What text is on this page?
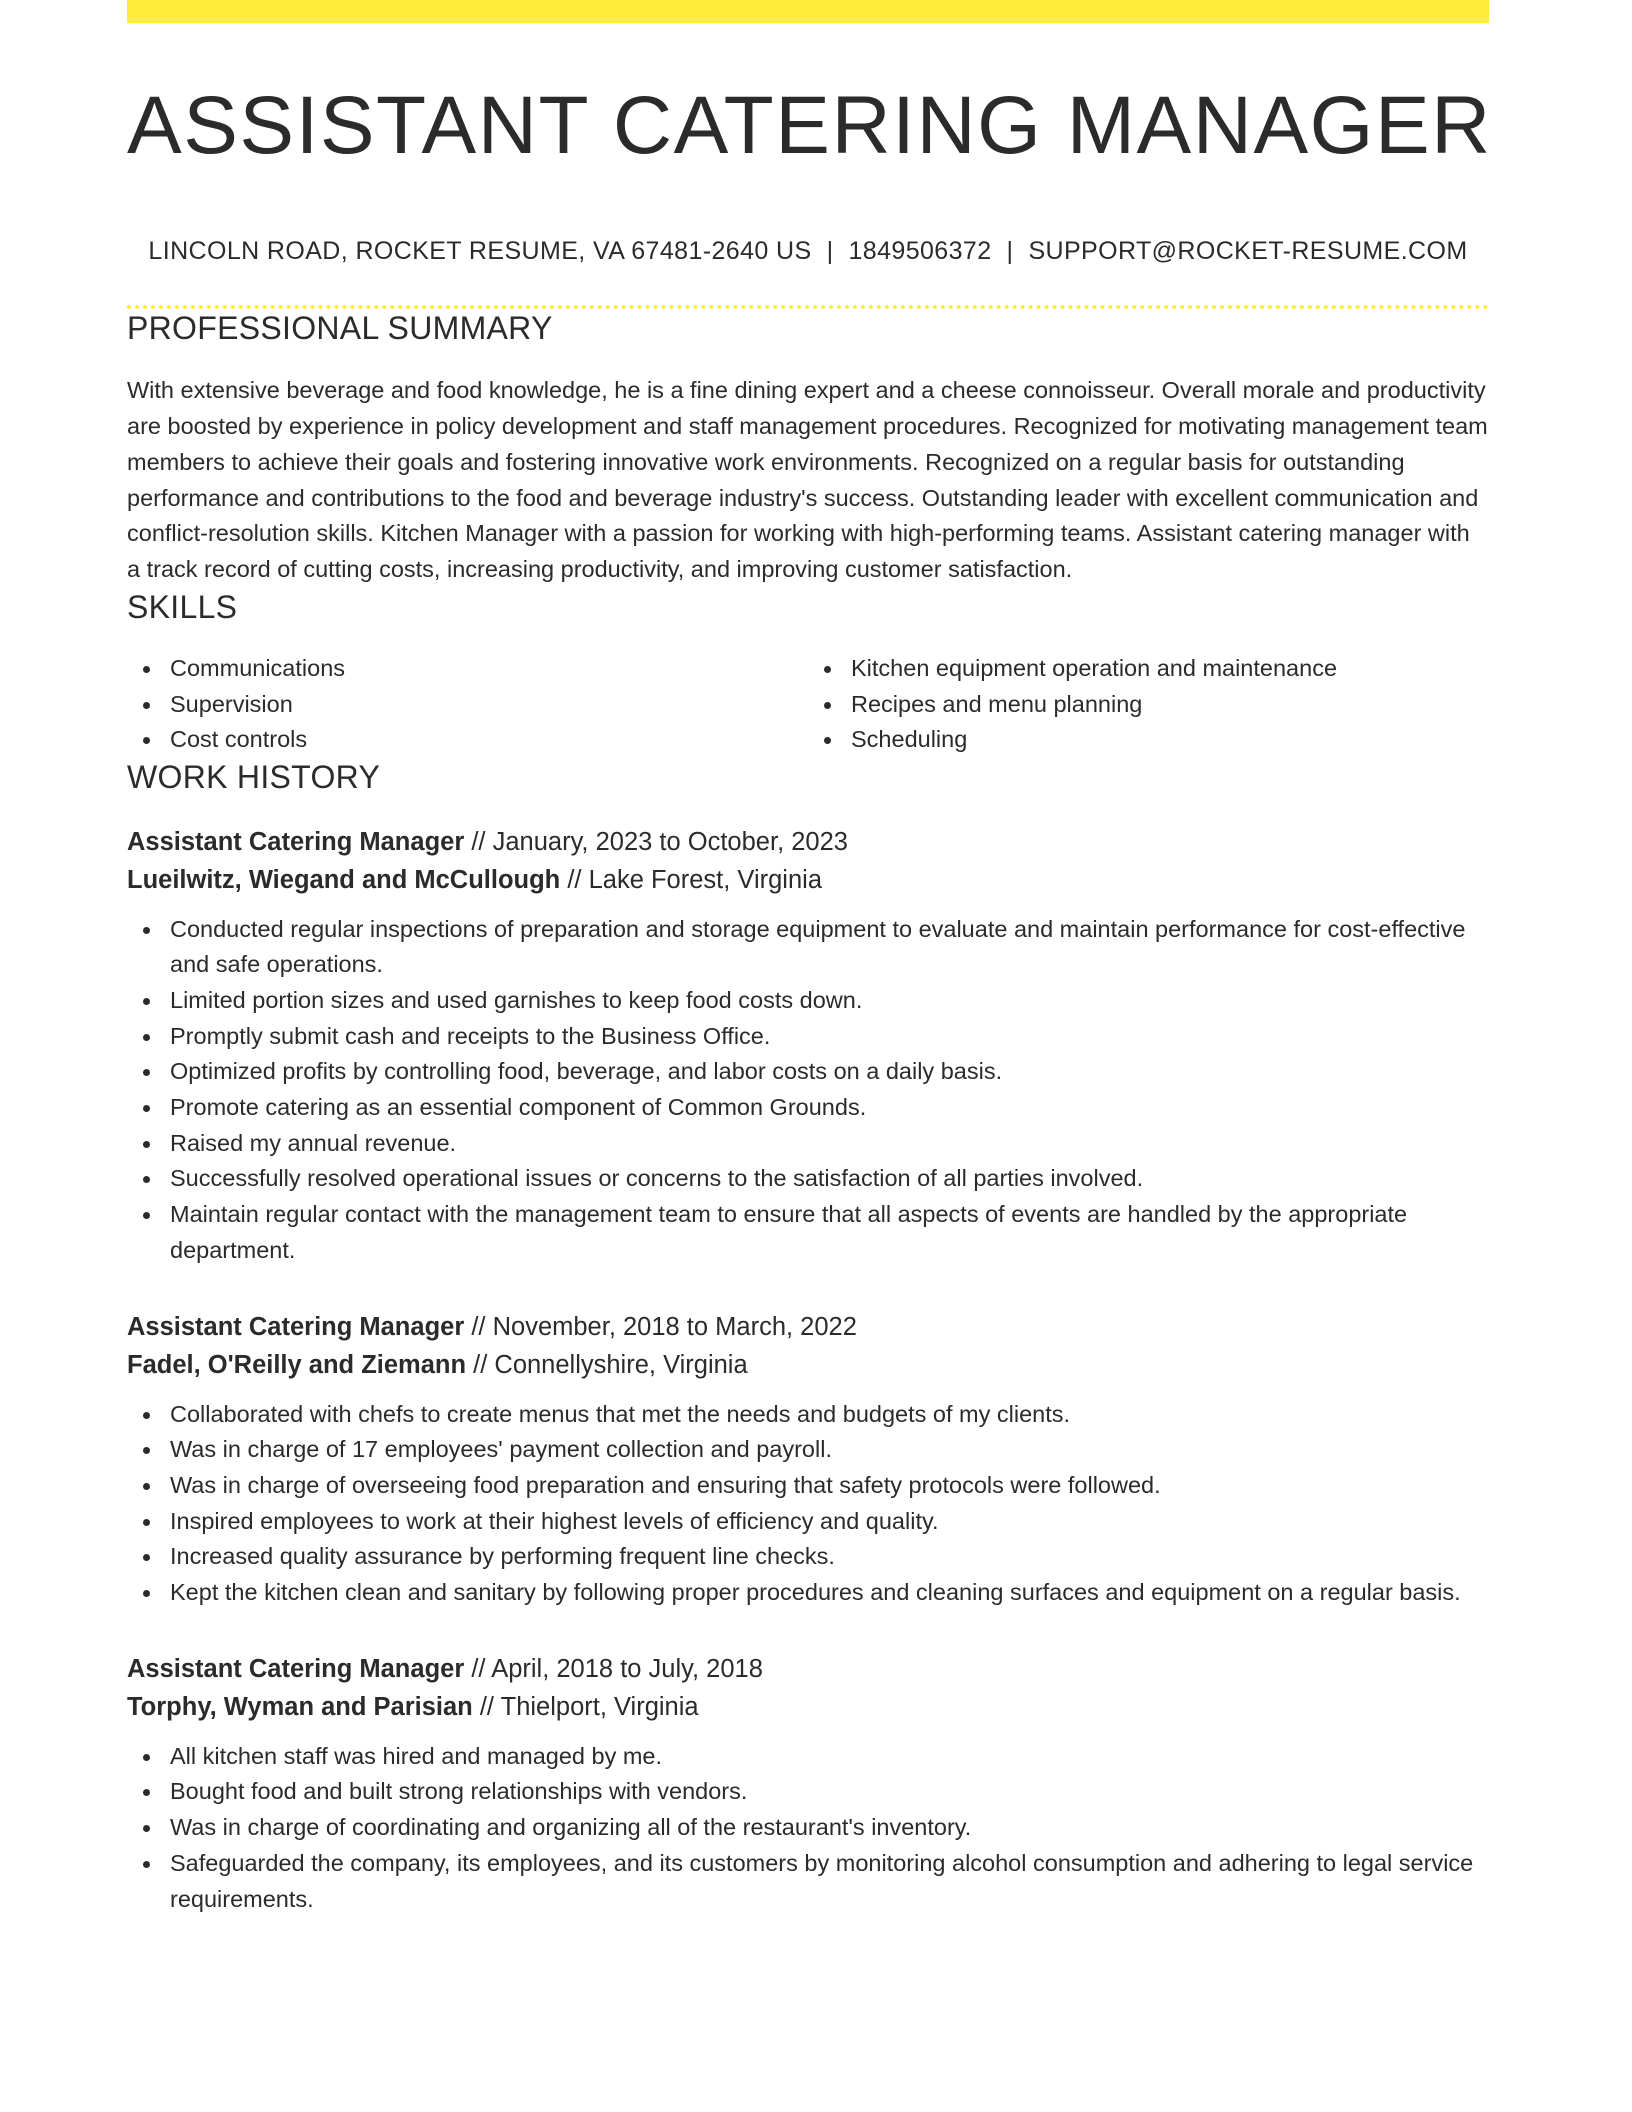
ASSISTANT CATERING MANAGER
LINCOLN ROAD, ROCKET RESUME, VA 67481-2640 US | 1849506372 | SUPPORT@ROCKET-RESUME.COM
PROFESSIONAL SUMMARY

With extensive beverage and food knowledge, he is a fine dining expert and a cheese connoisseur. Overall morale and productivity are boosted by experience in policy development and staff management procedures. Recognized for motivating management team members to achieve their goals and fostering innovative work environments. Recognized on a regular basis for outstanding performance and contributions to the food and beverage industry's success. Outstanding leader with excellent communication and conflict-resolution skills. Kitchen Manager with a passion for working with high-performing teams. Assistant catering manager with a track record of cutting costs, increasing productivity, and improving customer satisfaction.

SKILLS
Communications
Supervision
Cost controls
Kitchen equipment operation and maintenance
Recipes and menu planning
Scheduling
WORK HISTORY
Assistant Catering Manager // January, 2023 to October, 2023
Lueilwitz, Wiegand and McCullough // Lake Forest, Virginia
Conducted regular inspections of preparation and storage equipment to evaluate and maintain performance for cost-effective and safe operations.
Limited portion sizes and used garnishes to keep food costs down.
Promptly submit cash and receipts to the Business Office.
Optimized profits by controlling food, beverage, and labor costs on a daily basis.
Promote catering as an essential component of Common Grounds.
Raised my annual revenue.
Successfully resolved operational issues or concerns to the satisfaction of all parties involved.
Maintain regular contact with the management team to ensure that all aspects of events are handled by the appropriate department.
Assistant Catering Manager // November, 2018 to March, 2022
Fadel, O'Reilly and Ziemann // Connellyshire, Virginia
Collaborated with chefs to create menus that met the needs and budgets of my clients.
Was in charge of 17 employees' payment collection and payroll.
Was in charge of overseeing food preparation and ensuring that safety protocols were followed.
Inspired employees to work at their highest levels of efficiency and quality.
Increased quality assurance by performing frequent line checks.
Kept the kitchen clean and sanitary by following proper procedures and cleaning surfaces and equipment on a regular basis.
Assistant Catering Manager // April, 2018 to July, 2018
Torphy, Wyman and Parisian // Thielport, Virginia
All kitchen staff was hired and managed by me.
Bought food and built strong relationships with vendors.
Was in charge of coordinating and organizing all of the restaurant's inventory.
Safeguarded the company, its employees, and its customers by monitoring alcohol consumption and adhering to legal service requirements.
